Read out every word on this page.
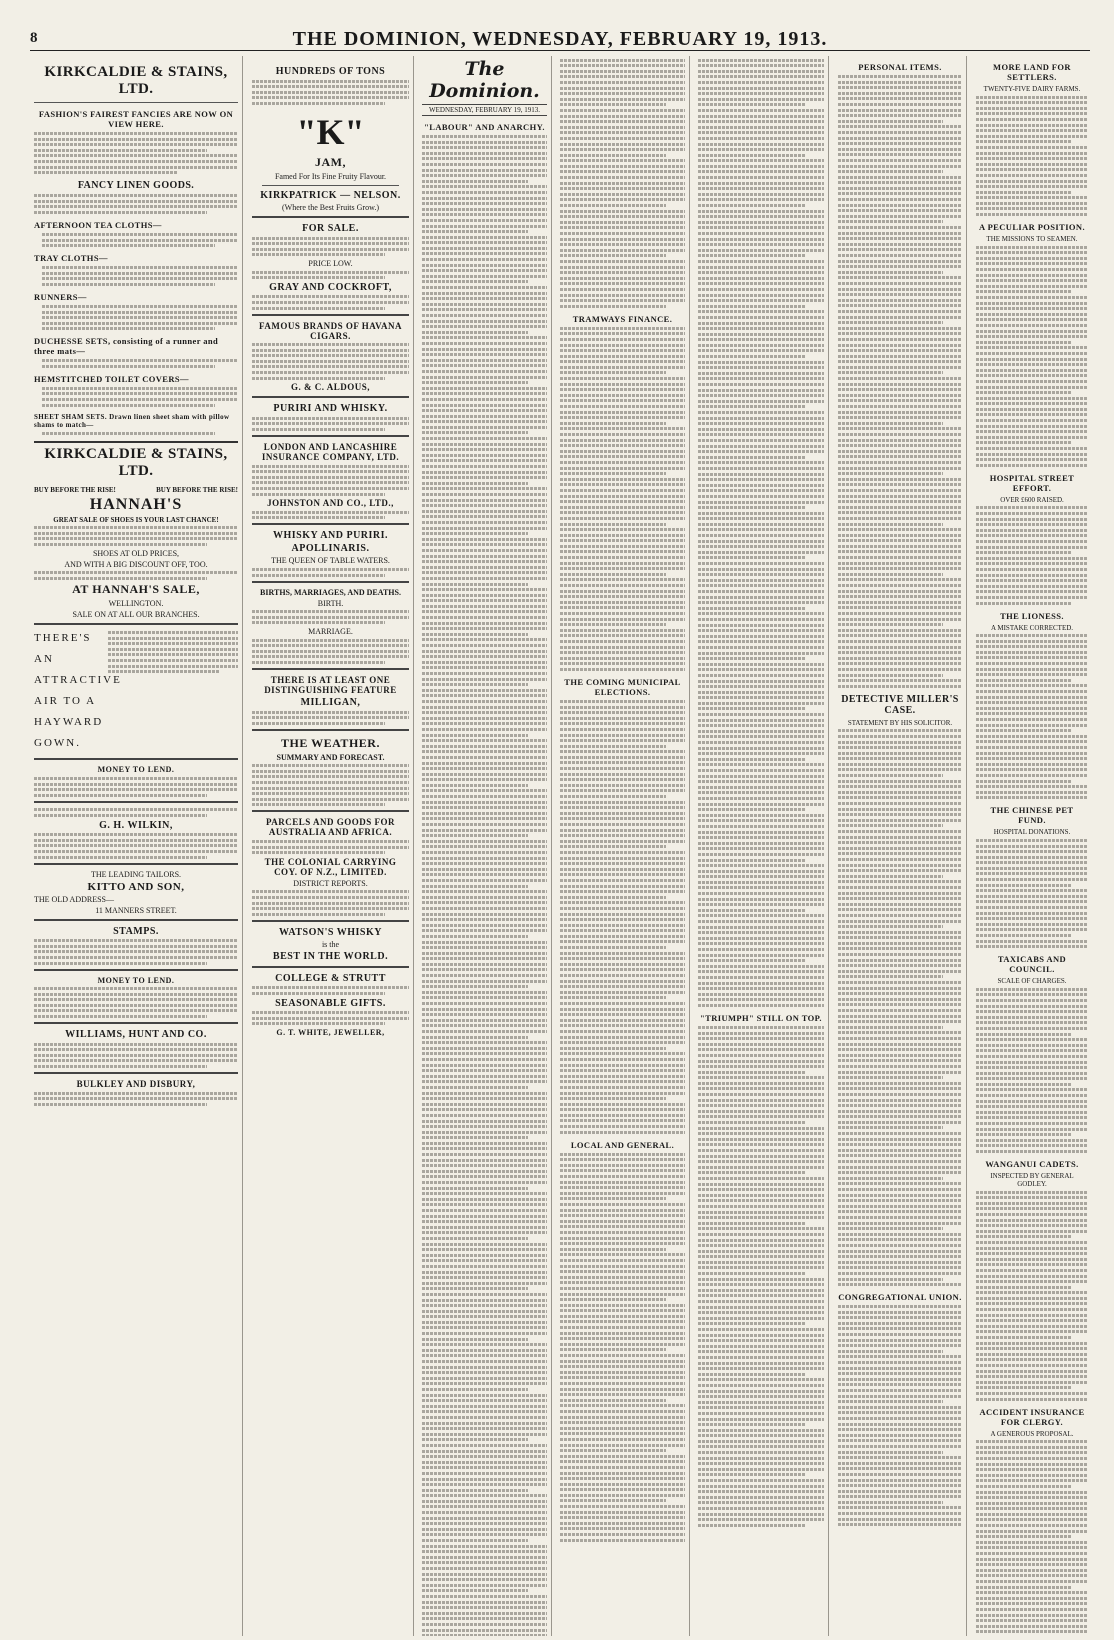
8	THE DOMINION, WEDNESDAY, FEBRUARY 19, 1913.
KIRKCALDIE & STAINS, LTD.
FASHION'S FAIREST FANCIES ARE NOW ON VIEW HERE.
FANCY LINEN GOODS.
AFTERNOON TEA CLOTHS—
TRAY CLOTHS—
RUNNERS—
DUCHESSE SETS, consisting of a runner and three mats—
HEMSTITCHED TOILET COVERS—
SHEET SHAM SETS. Drawn linen sheet sham with pillow shams to match—
KIRKCALDIE & STAINS, LTD.
BUY BEFORE THE RISE!	BUY BEFORE THE RISE!
HANNAH'S
GREAT SALE OF SHOES IS YOUR LAST CHANCE!
SHOES AT OLD PRICES,
AND WITH A BIG DISCOUNT OFF, TOO.
AT HANNAH'S SALE,
WELLINGTON.
SALE ON AT ALL OUR BRANCHES.
THERE'S AN ATTRACTIVE AIR TO A HAYWARD GOWN.
MONEY TO LEND.
G. H. WILKIN,
THE LEADING TAILORS.
KITTO AND SON,
THE OLD ADDRESS—
11 MANNERS STREET.
STAMPS.
MONEY TO LEND.
WILLIAMS, HUNT AND CO.
BULKLEY AND DISBURY,
HUNDREDS OF TONS
"K"
JAM,
Famed For Its Fine Fruity Flavour.
KIRKPATRICK — NELSON.
(Where the Best Fruits Grow.)
FOR SALE.
PRICE LOW.
GRAY AND COCKROFT,
FAMOUS BRANDS OF HAVANA CIGARS.
G. & C. ALDOUS,
PURIRI AND WHISKY.
LONDON AND LANCASHIRE INSURANCE COMPANY, LTD.
JOHNSTON AND CO., LTD.,
WHISKY AND PURIRI.
APOLLINARIS.
THE QUEEN OF TABLE WATERS.
BIRTHS, MARRIAGES, AND DEATHS.
BIRTH.
MARRIAGE.
THERE IS AT LEAST ONE DISTINGUISHING FEATURE
MILLIGAN,
THE WEATHER.
SUMMARY AND FORECAST.
PARCELS AND GOODS FOR AUSTRALIA AND AFRICA.
THE COLONIAL CARRYING COY. OF N.Z., LIMITED.
DISTRICT REPORTS.
WATSON'S WHISKY
is the
BEST IN THE WORLD.
COLLEGE & STRUTT
SEASONABLE GIFTS.
G. T. WHITE, JEWELLER,
The Dominion.
WEDNESDAY, FEBRUARY 19, 1913.
"LABOUR" AND ANARCHY.
TRAMWAYS FINANCE.
THE COMING MUNICIPAL ELECTIONS.
LOCAL AND GENERAL.
"TRIUMPH" STILL ON TOP.
PERSONAL ITEMS.
DETECTIVE MILLER'S CASE.
STATEMENT BY HIS SOLICITOR.
CONGREGATIONAL UNION.
MORE LAND FOR SETTLERS.
TWENTY-FIVE DAIRY FARMS.
A PECULIAR POSITION.
THE MISSIONS TO SEAMEN.
HOSPITAL STREET EFFORT.
OVER £600 RAISED.
THE LIONESS.
A MISTAKE CORRECTED.
THE CHINESE PET FUND.
HOSPITAL DONATIONS.
TAXICABS AND COUNCIL.
SCALE OF CHARGES.
WANGANUI CADETS.
INSPECTED BY GENERAL GODLEY.
ACCIDENT INSURANCE FOR CLERGY.
A GENEROUS PROPOSAL.
